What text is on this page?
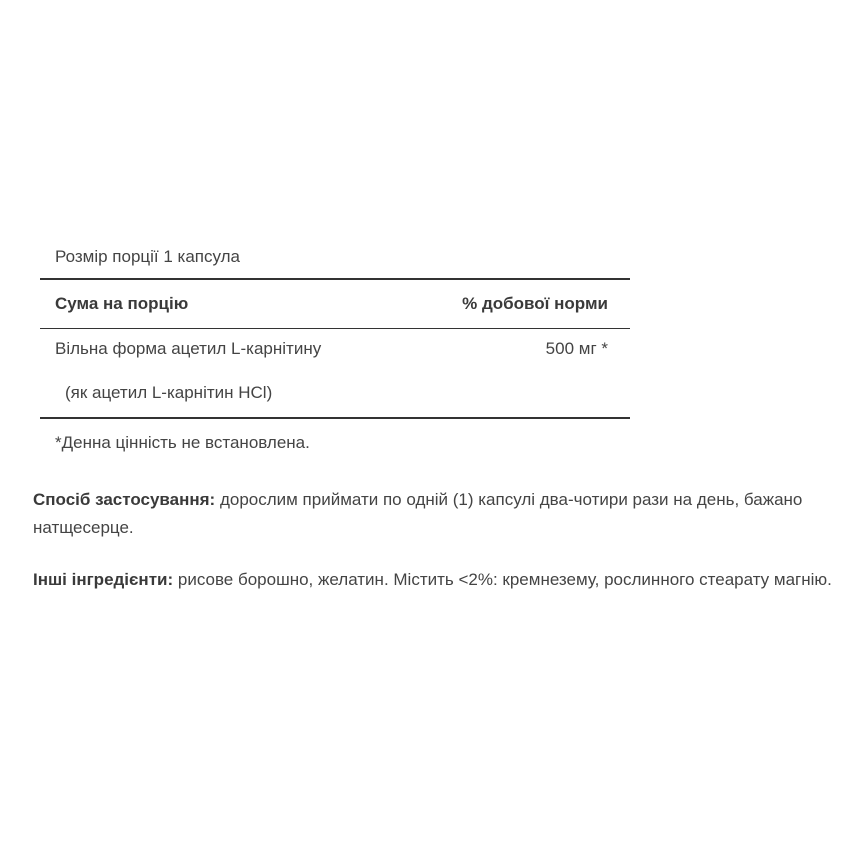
Розмір порції 1 капсула
Сума на порцію	% добової норми
Вільна форма ацетил L-карнітину	500 мг *
(як ацетил L-карнітин HCl)
*Денна цінність не встановлена.
Спосіб застосування: дорослим приймати по одній (1) капсулі два-чотири рази на день, бажано натщесерце.
Інші інгредієнти: рисове борошно, желатин. Містить <2%: кремнезему, рослинного стеарату магнію.
